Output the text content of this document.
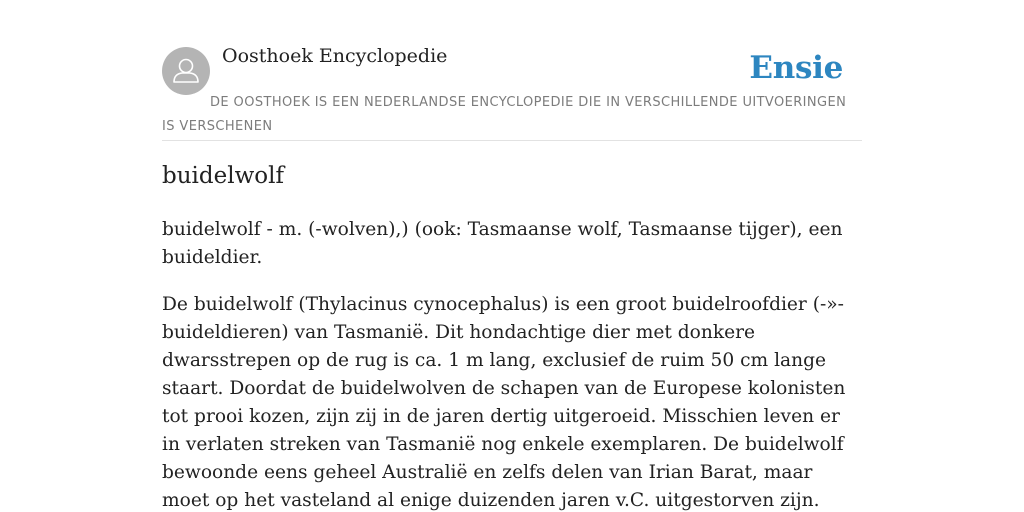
Oosthoek Encyclopedie	Ensie
DE OOSTHOEK IS EEN NEDERLANDSE ENCYCLOPEDIE DIE IN VERSCHILLENDE UITVOERINGEN IS VERSCHENEN
buidelwolf

buidelwolf - m. (-wolven),) (ook: Tasmaanse wolf, Tasmaanse tijger), een buideldier.

De buidelwolf (Thylacinus cynocephalus) is een groot buidelroofdier (-»-buideldieren) van Tasmanië. Dit hondachtige dier met donkere dwarsstrepen op de rug is ca. 1 m lang, exclusief de ruim 50 cm lange staart. Doordat de buidelwolven de schapen van de Europese kolonisten tot prooi kozen, zijn zij in de jaren dertig uitgeroeid. Misschien leven er in verlaten streken van Tasmanië nog enkele exemplaren. De buidelwolf bewoonde eens geheel Australië en zelfs delen van Irian Barat, maar moet op het vasteland al enige duizenden jaren v.C. uitgestorven zijn.
